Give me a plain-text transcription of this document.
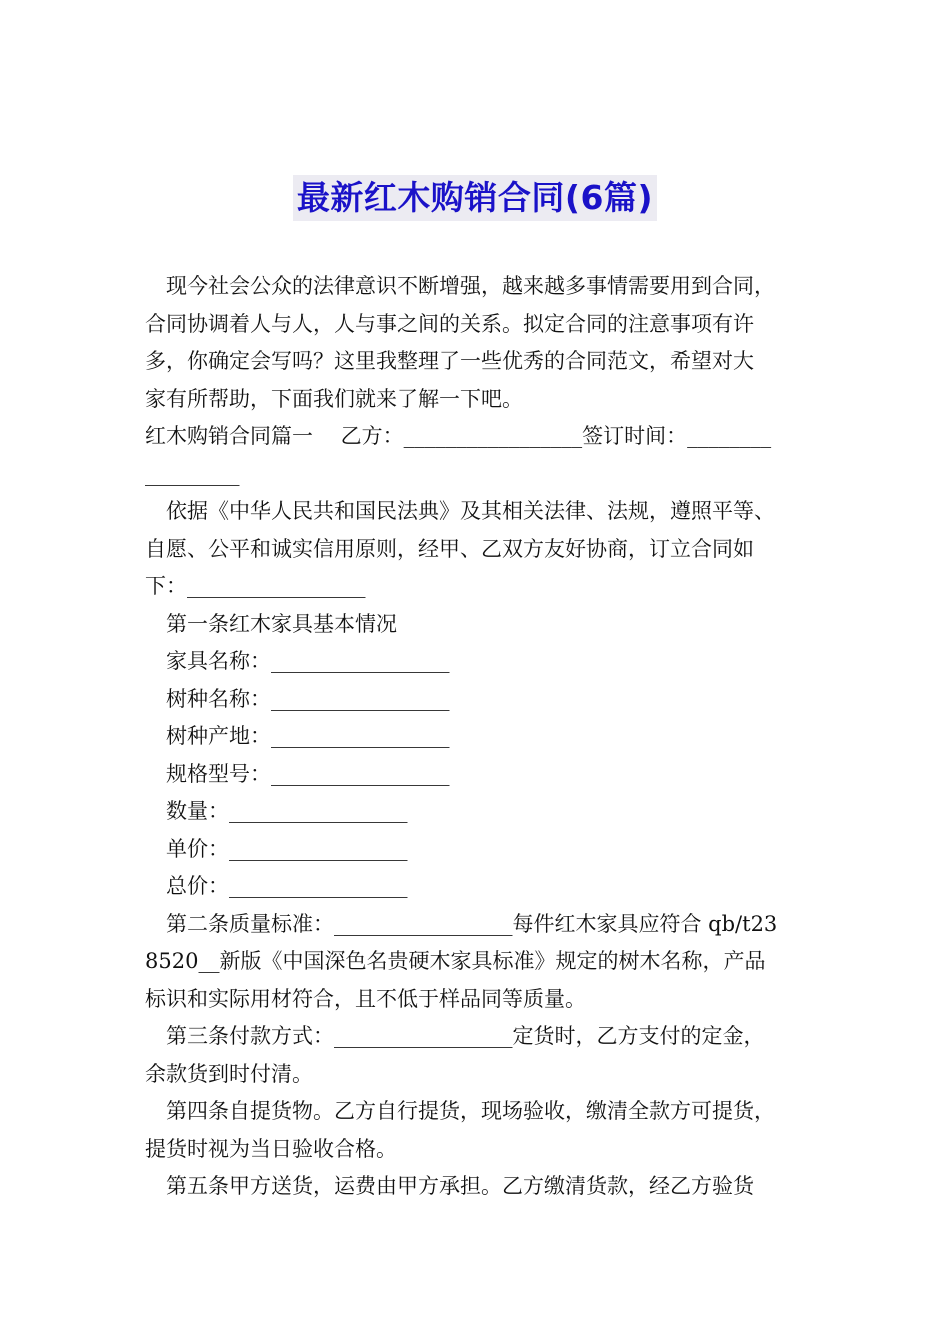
最新红木购销合同(6篇)
现今社会公众的法律意识不断增强，越来越多事情需要用到合同，
合同协调着人与人，人与事之间的关系。拟定合同的注意事项有许
多，你确定会写吗？这里我整理了一些优秀的合同范文，希望对大
家有所帮助，下面我们就来了解一下吧。
红木购销合同篇一　 乙方：_________________签订时间：________
_________
依据《中华人民共和国民法典》及其相关法律、法规，遵照平等、
自愿、公平和诚实信用原则，经甲、乙双方友好协商，订立合同如
下：_________________
第一条红木家具基本情况
家具名称：_________________
树种名称：_________________
树种产地：_________________
规格型号：_________________
数量：_________________
单价：_________________
总价：_________________
第二条质量标准：_________________每件红木家具应符合 qb/t23
8520__新版《中国深色名贵硬木家具标准》规定的树木名称，产品
标识和实际用材符合，且不低于样品同等质量。
第三条付款方式：_________________定货时，乙方支付的定金，
余款货到时付清。
第四条自提货物。乙方自行提货，现场验收，缴清全款方可提货，
提货时视为当日验收合格。
第五条甲方送货，运费由甲方承担。乙方缴清货款，经乙方验货
